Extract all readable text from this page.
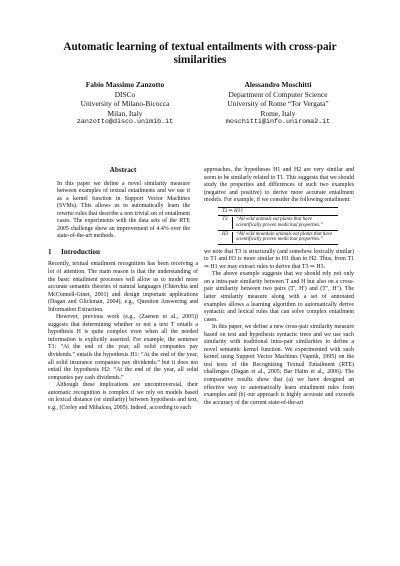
Automatic learning of textual entailments with cross-pair similarities
Fabio Massimo Zanzotto
DISCo
University of Milano-Bicocca
Milan, Italy
zanzotto@disco.unimib.it
Alessandro Moschitti
Department of Computer Science
University of Rome “Tor Vergata”
Rome, Italy
moschitti@info.uniroma2.it
Abstract

In this paper we define a novel similarity measure between examples of textual entailments and we use it as a kernel function in Support Vector Machines (SVMs). This allows us to automatically learn the rewrite rules that describe a non trivial set of entailment cases. The experiments with the data sets of the RTE 2005 challenge show an improvement of 4.4% over the state-of-the-art methods.

1 Introduction

Recently, textual entailment recognition has been receiving a lot of attention. The main reason is that the understanding of the basic entailment processes will allow us to model more accurate semantic theories of natural languages (Chierchia and McConnell-Ginet, 2001) and design important applications (Dagan and Glickman, 2004), e.g., Question Answering and Information Extraction.

However, previous work (e.g., (Zaenen et al., 2005)) suggests that determining whether or not a text T entails a hypothesis H is quite complex even when all the needed information is explicitly asserted. For example, the sentence T1: “At the end of the year, all solid companies pay dividends.” entails the hypothesis H1: “At the end of the year, all solid insurance companies pay dividends.” but it does not entail the hypothesis H2: “At the end of the year, all solid companies pay cash dividends.”

Although these implications are uncontroversial, their automatic recognition is complex if we rely on models based on lexical distance (or similarity) between hypothesis and text, e.g., (Corley and Mihalcea, 2005). Indeed, according to such

approaches, the hypotheses H1 and H2 are very similar and seem to be similarly related to T1. This suggests that we should study the properties and differences of such two examples (negative and positive) to derive more accurate entailment models. For example, if we consider the following entailment:

T3 ⇒ H3?
T3	“All wild animals eat plants that have scientifically proven medicinal properties.”
H3	“All wild mountain animals eat plants that have scientifically proven medicinal properties.”

we note that T3 is structurally (and somehow lexically similar) to T1 and H3 is more similar to H1 than to H2. Thus, from T1 ⇒ H1 we may extract rules to derive that T3 ⇒ H3.

The above example suggests that we should rely not only on a intra-pair similarity between T and H but also on a cross-pair similarity between two pairs (T′, H′) and (T″, H″). The latter similarity measure along with a set of annotated examples allows a learning algorithm to automatically derive syntactic and lexical rules that can solve complex entailment cases.

In this paper, we define a new cross-pair similarity measure based on text and hypothesis syntactic trees and we use such similarity with traditional intra-pair similarities to define a novel semantic kernel function. We experimented with such kernel using Support Vector Machines (Vapnik, 1995) on the test tests of the Recognizing Textual Entailment (RTE) challenges (Dagan et al., 2005; Bar Haim et al., 2006). The comparative results show that (a) we have designed an effective way to automatically learn entailment rules from examples and (b) our approach is highly accurate and exceeds the accuracy of the current state-of-the-art
